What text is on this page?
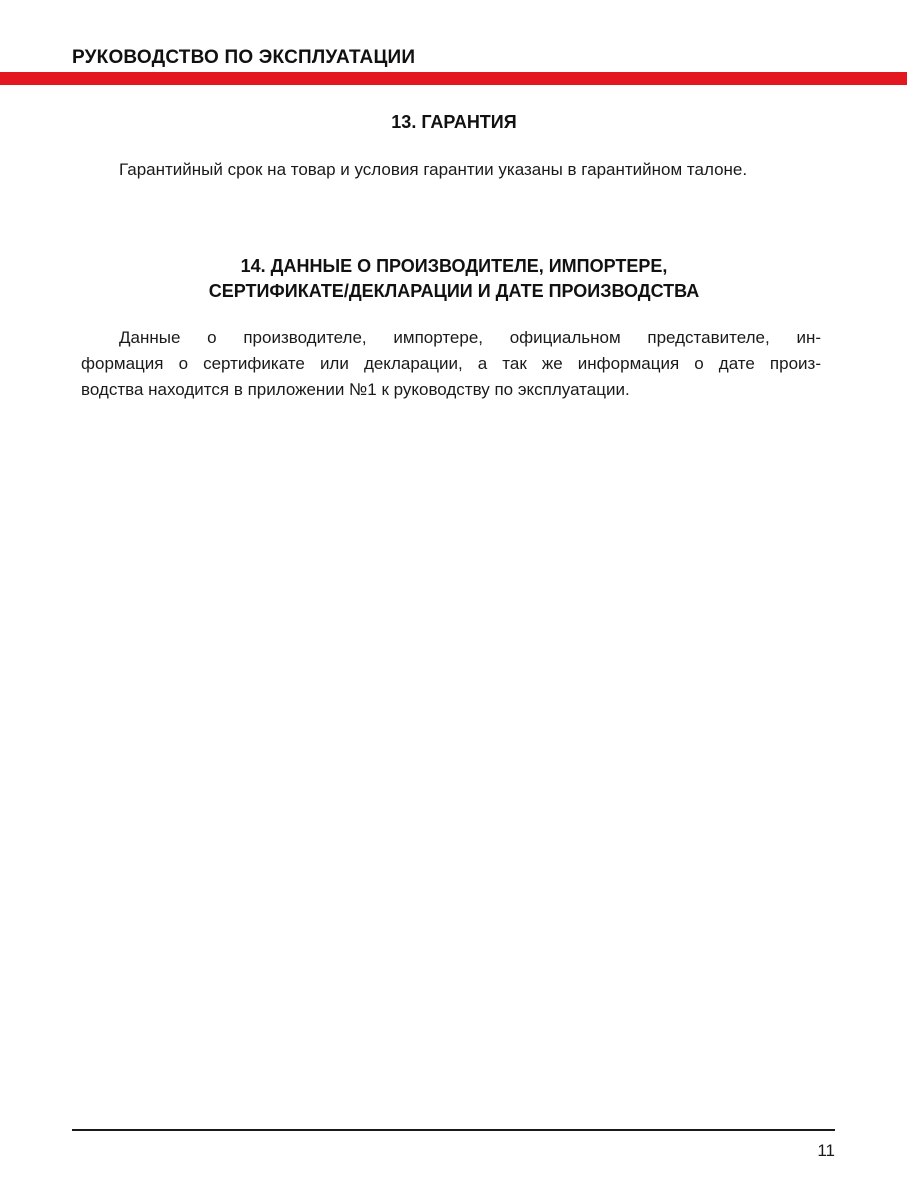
РУКОВОДСТВО ПО ЭКСПЛУАТАЦИИ
13. ГАРАНТИЯ
Гарантийный срок на товар и условия гарантии указаны в гарантийном талоне.
14. ДАННЫЕ О ПРОИЗВОДИТЕЛЕ, ИМПОРТЕРЕ,
СЕРТИФИКАТЕ/ДЕКЛАРАЦИИ И ДАТЕ ПРОИЗВОДСТВА
Данные о производителе, импортере, официальном представителе, ин-
формация о сертификате или декларации, а так же информация о дате произ-
водства находится в приложении №1 к руководству по эксплуатации.
11
